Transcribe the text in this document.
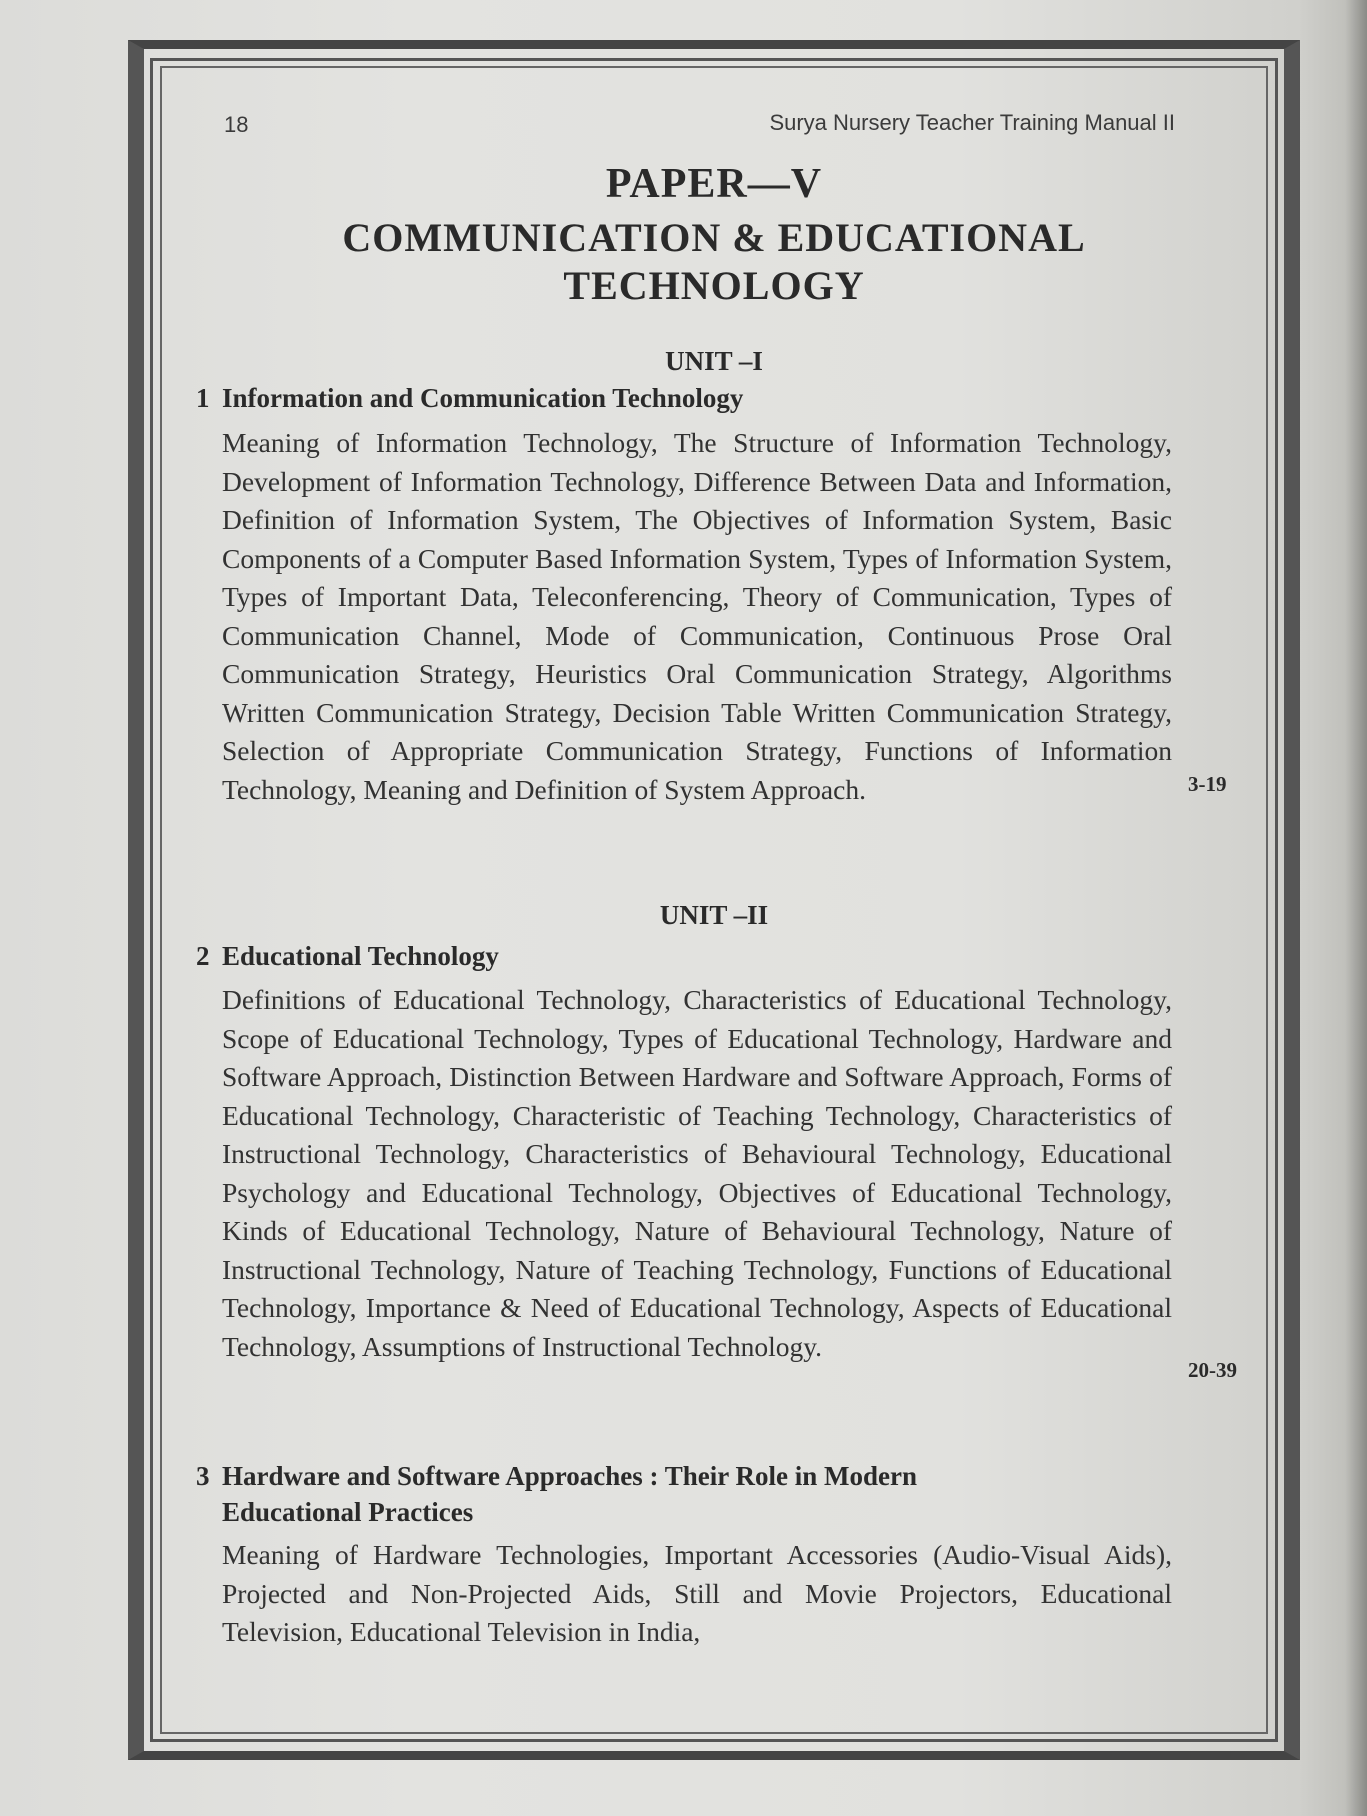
18	Surya Nursery Teacher Training Manual II
PAPER—V
COMMUNICATION & EDUCATIONAL
TECHNOLOGY
UNIT –I
1 Information and Communication Technology
Meaning of Information Technology, The Structure of Information Technology, Development of Information Technology, Difference Between Data and Information, Definition of Information System, The Objectives of Information System, Basic Components of a Computer Based Information System, Types of Information System, Types of Important Data, Teleconferencing, Theory of Communication, Types of Communication Channel, Mode of Communication, Continuous Prose Oral Communication Strategy, Heuristics Oral Communication Strategy, Algorithms Written Communication Strategy, Decision Table Written Communication Strategy, Selection of Appropriate Communication Strategy, Functions of Information Technology, Meaning and Definition of System Approach.	3-19
UNIT –II
2 Educational Technology
Definitions of Educational Technology, Characteristics of Educational Technology, Scope of Educational Technology, Types of Educational Technology, Hardware and Software Approach, Distinction Between Hardware and Software Approach, Forms of Educational Technology, Characteristic of Teaching Technology, Characteristics of Instructional Technology, Characteristics of Behavioural Technology, Educational Psychology and Educational Technology, Objectives of Educational Technology, Kinds of Educational Technology, Nature of Behavioural Technology, Nature of Instructional Technology, Nature of Teaching Technology, Functions of Educational Technology, Importance & Need of Educational Technology, Aspects of Educational Technology, Assumptions of Instructional Technology.
20-39
3 Hardware and Software Approaches : Their Role in Modern
Educational Practices
Meaning of Hardware Technologies, Important Accessories (Audio-Visual Aids), Projected and Non-Projected Aids, Still and Movie Projectors, Educational Television, Educational Television in India,
